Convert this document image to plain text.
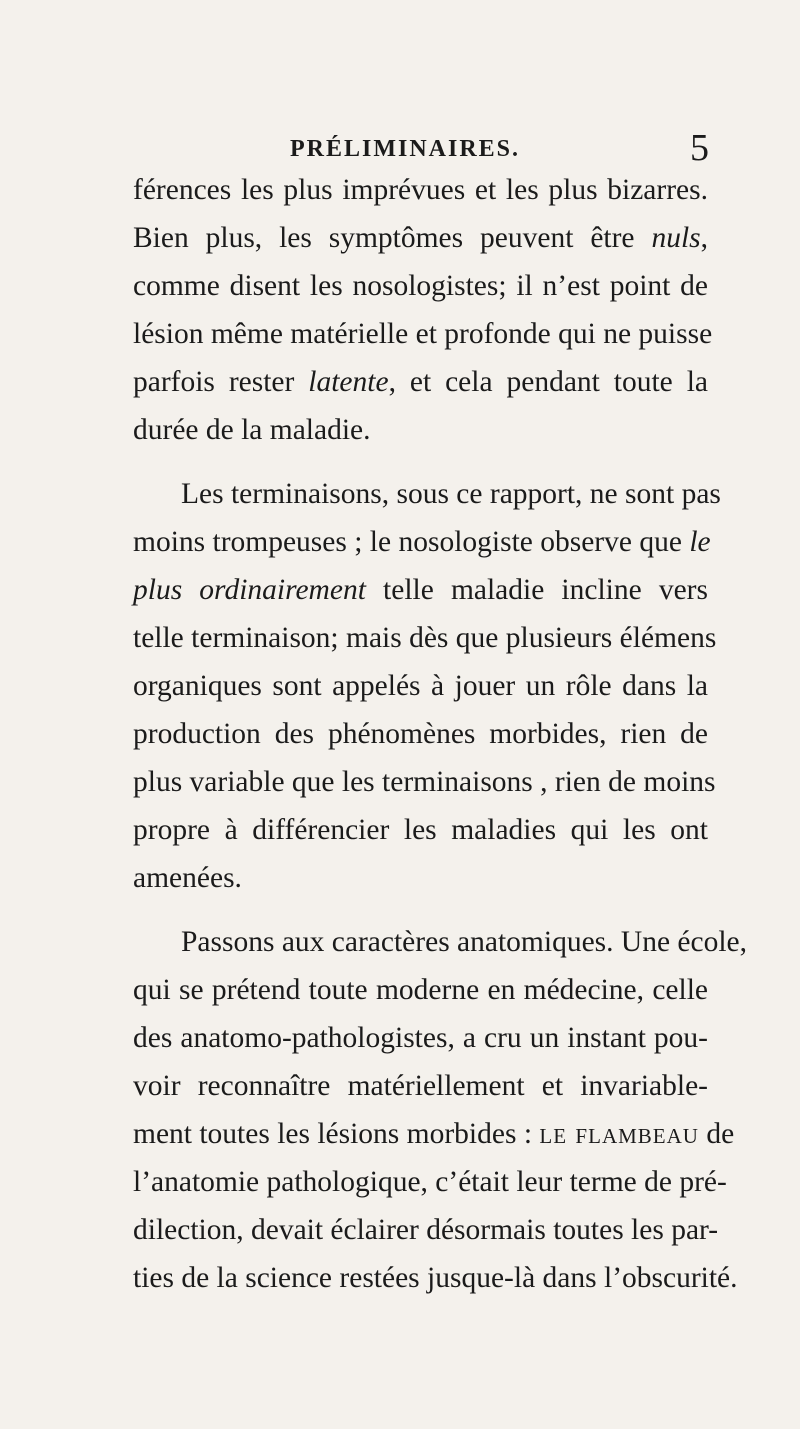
PRÉLIMINAIRES.	5
férences les plus imprévues et les plus bizarres.
Bien plus, les symptômes peuvent être nuls,
comme disent les nosologistes; il n’est point de
lésion même matérielle et profonde qui ne puisse
parfois rester latente, et cela pendant toute la
durée de la maladie.
Les terminaisons, sous ce rapport, ne sont pas
moins trompeuses ; le nosologiste observe que le
plus ordinairement telle maladie incline vers
telle terminaison; mais dès que plusieurs élémens
organiques sont appelés à jouer un rôle dans la
production des phénomènes morbides, rien de
plus variable que les terminaisons , rien de moins
propre à différencier les maladies qui les ont
amenées.
Passons aux caractères anatomiques. Une école,
qui se prétend toute moderne en médecine, celle
des anatomo-pathologistes, a cru un instant pou-
voir reconnaître matériellement et invariable-
ment toutes les lésions morbides : le flambeau de
l’anatomie pathologique, c’était leur terme de pré-
dilection, devait éclairer désormais toutes les par-
ties de la science restées jusque-là dans l’obscurité.
